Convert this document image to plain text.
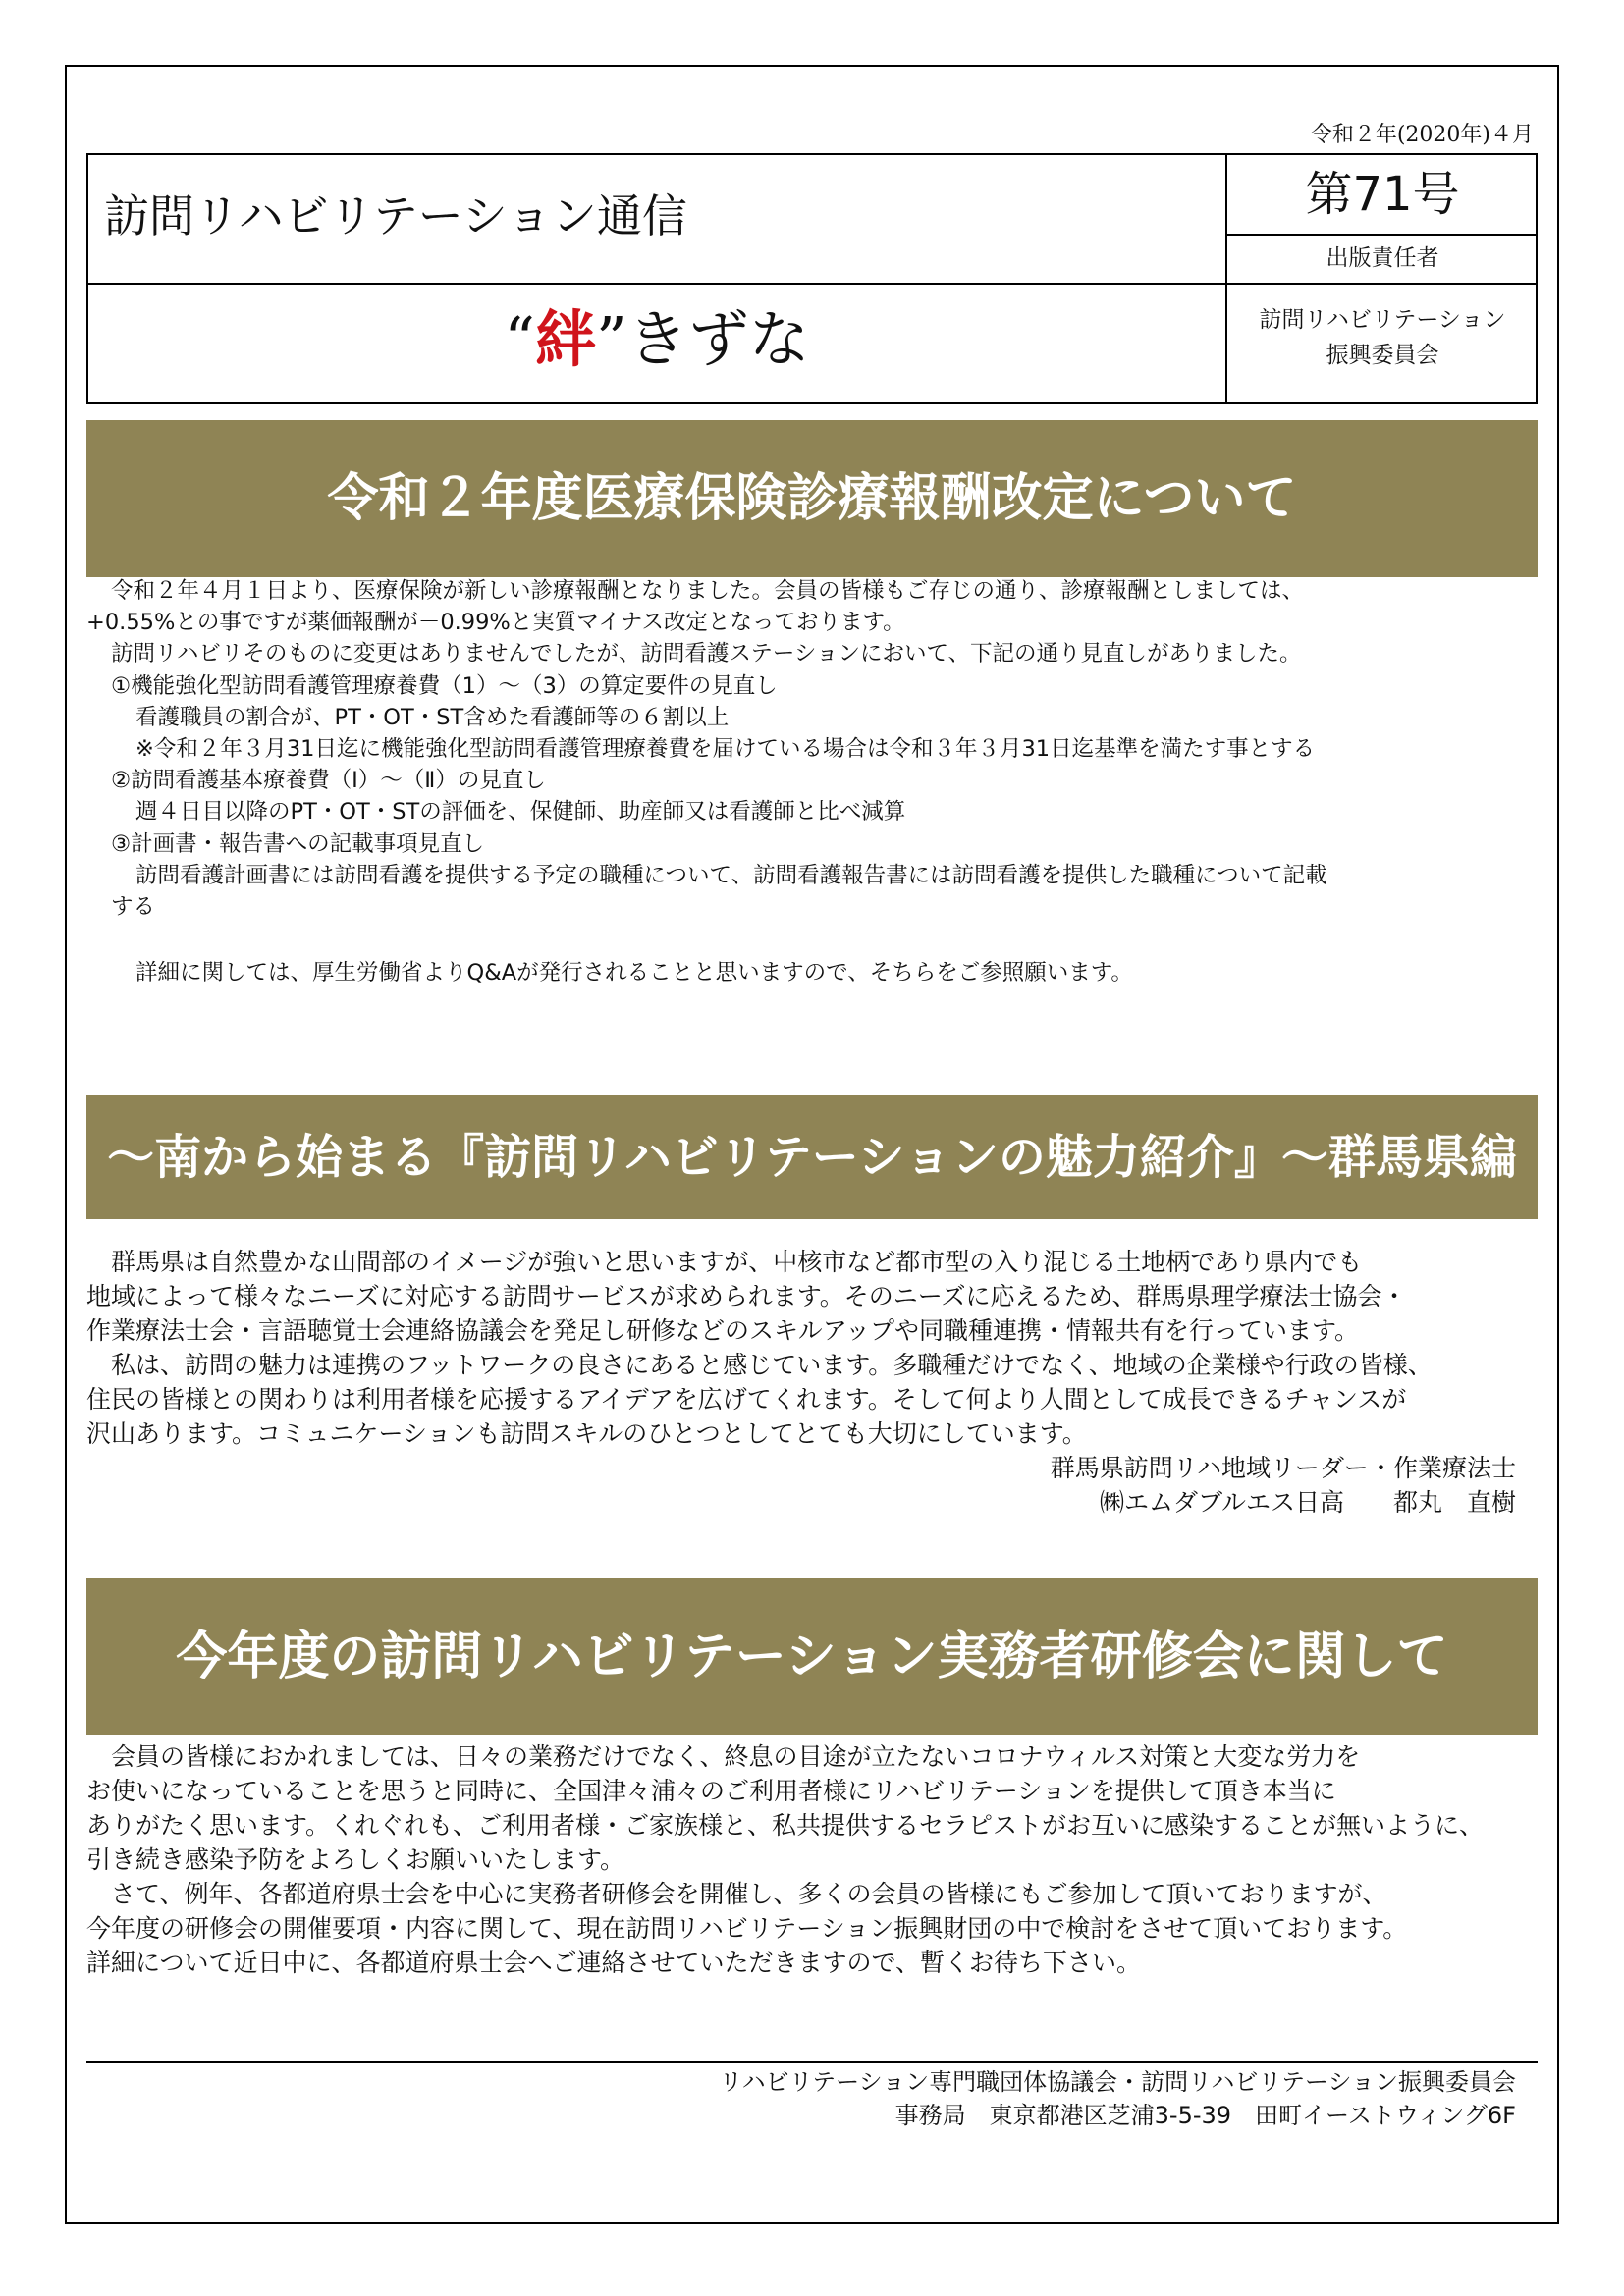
令和２年(2020年)４月
訪問リハビリテーション通信	第71号
出版責任者
“絆”きずな	訪問リハビリテーション
振興委員会
令和２年度医療保険診療報酬改定について

令和２年４月１日より、医療保険が新しい診療報酬となりました。会員の皆様もご存じの通り、診療報酬としましては、

+0.55%との事ですが薬価報酬が－0.99%と実質マイナス改定となっております。

訪問リハビリそのものに変更はありませんでしたが、訪問看護ステーションにおいて、下記の通り見直しがありました。

①機能強化型訪問看護管理療養費（1）～（3）の算定要件の見直し

看護職員の割合が、PT・OT・ST含めた看護師等の６割以上

※令和２年３月31日迄に機能強化型訪問看護管理療養費を届けている場合は令和３年３月31日迄基準を満たす事とする

②訪問看護基本療養費（Ⅰ）～（Ⅱ）の見直し

週４日目以降のPT・OT・STの評価を、保健師、助産師又は看護師と比べ減算

③計画書・報告書への記載事項見直し

訪問看護計画書には訪問看護を提供する予定の職種について、訪問看護報告書には訪問看護を提供した職種について記載

する

詳細に関しては、厚生労働省よりQ&Aが発行されることと思いますので、そちらをご参照願います。

～南から始まる『訪問リハビリテーションの魅力紹介』～群馬県編

群馬県は自然豊かな山間部のイメージが強いと思いますが、中核市など都市型の入り混じる土地柄であり県内でも

地域によって様々なニーズに対応する訪問サービスが求められます。そのニーズに応えるため、群馬県理学療法士協会・

作業療法士会・言語聴覚士会連絡協議会を発足し研修などのスキルアップや同職種連携・情報共有を行っています。

私は、訪問の魅力は連携のフットワークの良さにあると感じています。多職種だけでなく、地域の企業様や行政の皆様、

住民の皆様との関わりは利用者様を応援するアイデアを広げてくれます。そして何より人間として成長できるチャンスが

沢山あります。コミュニケーションも訪問スキルのひとつとしてとても大切にしています。

群馬県訪問リハ地域リーダー・作業療法士

㈱エムダブルエス日高　　都丸　直樹

今年度の訪問リハビリテーション実務者研修会に関して

会員の皆様におかれましては、日々の業務だけでなく、終息の目途が立たないコロナウィルス対策と大変な労力を

お使いになっていることを思うと同時に、全国津々浦々のご利用者様にリハビリテーションを提供して頂き本当に

ありがたく思います。くれぐれも、ご利用者様・ご家族様と、私共提供するセラピストがお互いに感染することが無いように、

引き続き感染予防をよろしくお願いいたします。

さて、例年、各都道府県士会を中心に実務者研修会を開催し、多くの会員の皆様にもご参加して頂いておりますが、

今年度の研修会の開催要項・内容に関して、現在訪問リハビリテーション振興財団の中で検討をさせて頂いております。

詳細について近日中に、各都道府県士会へご連絡させていただきますので、暫くお待ち下さい。

リハビリテーション専門職団体協議会・訪問リハビリテーション振興委員会
事務局　東京都港区芝浦3-5-39　田町イーストウィング6F
